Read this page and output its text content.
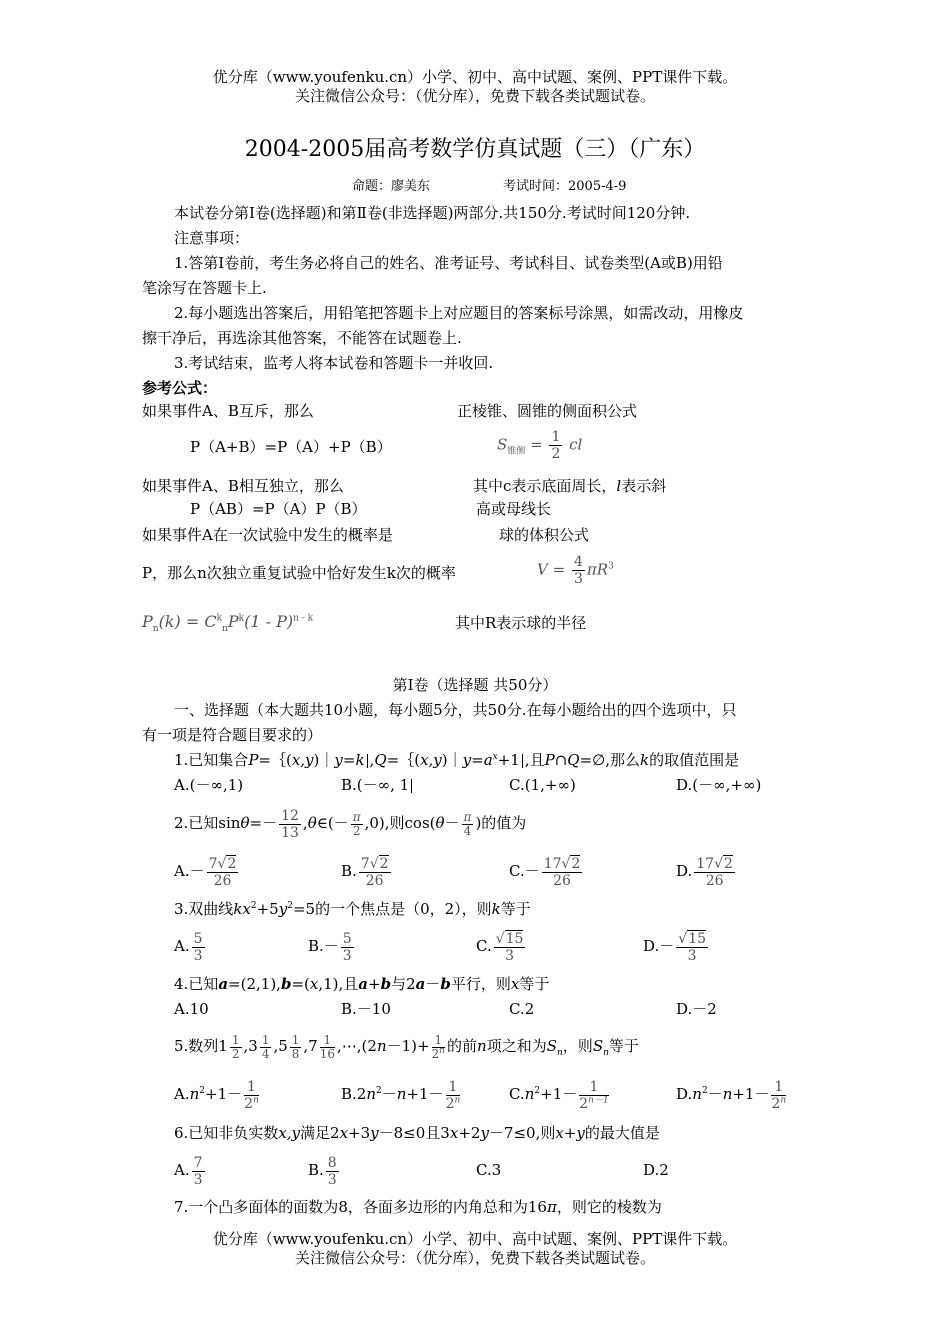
优分库（www.youfenku.cn）小学、初中、高中试题、案例、PPT课件下载。
关注微信公众号：（优分库），免费下载各类试题试卷。
2004-2005届高考数学仿真试题（三）（广东）
命题：廖美东	考试时间：2005-4-9
本试卷分第Ⅰ卷(选择题)和第Ⅱ卷(非选择题)两部分.共150分.考试时间120分钟.
注意事项：
1.答第Ⅰ卷前，考生务必将自己的姓名、准考证号、考试科目、试卷类型(A或B)用铅
笔涂写在答题卡上.
2.每小题选出答案后，用铅笔把答题卡上对应题目的答案标号涂黑，如需改动，用橡皮
擦干净后，再选涂其他答案，不能答在试题卷上.
3.考试结束，监考人将本试卷和答题卡一并收回.
参考公式：
如果事件A、B互斥，那么	正棱锥、圆锥的侧面积公式
P（A+B）=P（A）+P（B）	$S_{锥侧} = \frac{1}{2}$ cl
如果事件A、B相互独立，那么	其中c表示底面周长，l表示斜
P（AB）=P（A）P（B）	高或母线长
如果事件A在一次试验中发生的概率是	球的体积公式
P，那么n次独立重复试验中恰好发生k次的概率	$V = \frac{4}{3} \pi R^3$
$P_n(k) = C^k_nP^k(1 - P)^{n - k}$	其中R表示球的半径
第Ⅰ卷（选择题 共50分）
一、选择题（本大题共10小题，每小题5分，共50分.在每小题给出的四个选项中，只
有一项是符合题目要求的）
1.已知集合P=｛(x,y)｜y=k $,Q=\{(x,y)|y=a^x+1$ ,且P∩Q=∅,那么k的取值范围是
A.(－∞,1)	B.(－∞, 1	C.(1,+∞)	D.(－∞,+∞)
2.已知$\sin\theta=- \frac{12}{13}$ ,θ∈(－ $\frac{\pi}{2} ,0$),则$\cos(\theta- \frac{\pi}{4}$ )的值为
$A.- \frac{7√2}{26}$	B. $\frac{7√2}{26}$	$C.- \frac{17√2}{26}$	D. $\frac{17√2}{26}$
3.双曲线$kx^2+5y^2=5$的一个焦点是（0，2），则k等于
A. $\frac{5}{3}$	$B.- \frac{5}{3}$	C. $\frac{√15}{3}$	$D.- \frac{√15}{3}$
4.已知a=(2,1),b=(x,1),且a+b与2a－b平行，则x等于
A.10	B.－10	C.2	D.－2
5.数列$1 \frac{1}{2} ,3 \frac{1}{4} ,5 \frac{1}{8} ,7 \frac{1}{16}$ ,⋯,(2n－1)+ $\frac{1}{2^n}$ 的前n项之和为$S_n$，则$S_n$等于
$A.n^2+1- \frac{1}{2^n}$	$B.2n^2-n+1- \frac{1}{2^n}$	$C.n^2+1- \frac{1}{2^{n-1}}$	$D.n^2-n+1- \frac{1}{2^n}$
6.已知非负实数x,y满足2x+3y－8≤0且3x+2y－7≤0,则x+y的最大值是
A. $\frac{7}{3}$	B. $\frac{8}{3}$	C.3	D.2
7.一个凸多面体的面数为8，各面多边形的内角总和为16π，则它的棱数为
优分库（www.youfenku.cn）小学、初中、高中试题、案例、PPT课件下载。
关注微信公众号：（优分库），免费下载各类试题试卷。
